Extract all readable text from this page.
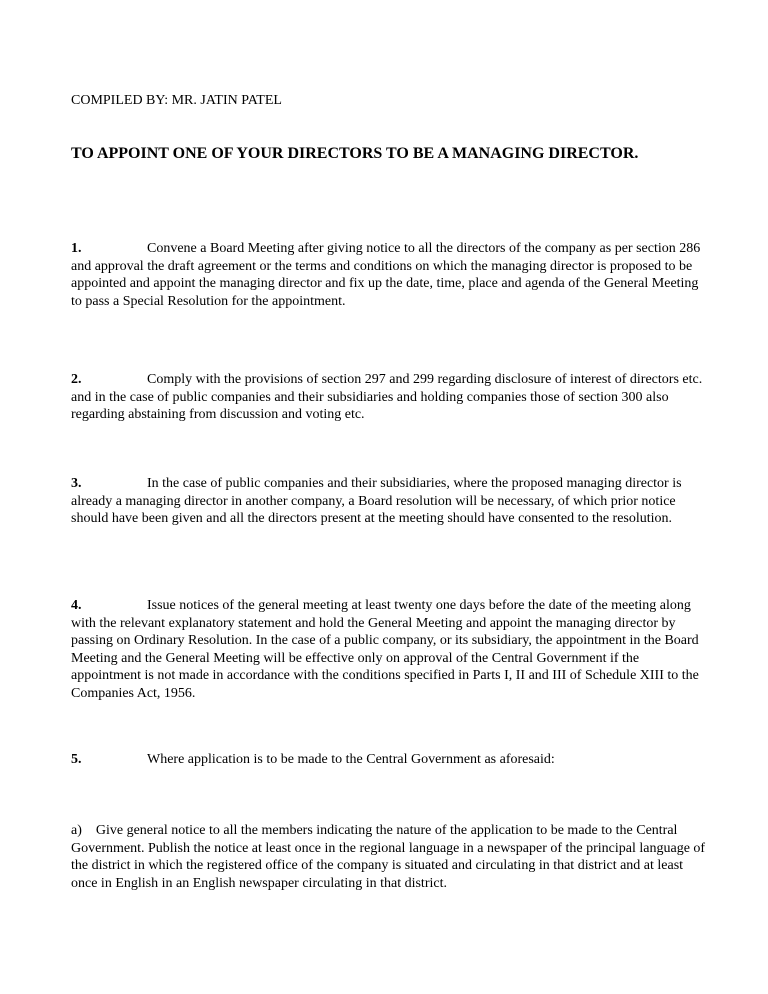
COMPILED BY: MR. JATIN PATEL
TO APPOINT ONE OF YOUR DIRECTORS TO BE A MANAGING DIRECTOR.
1.	Convene a Board Meeting after giving notice to all the directors of the company as per section 286 and approval the draft agreement or the terms and conditions on which the managing director is proposed to be appointed and appoint the managing director and fix up the date, time, place and agenda of the General Meeting to pass a Special Resolution for the appointment.
2.	Comply with the provisions of section 297 and 299 regarding disclosure of interest of directors etc. and in the case of public companies and their subsidiaries and holding companies those of section 300 also regarding abstaining from discussion and voting etc.
3.	In the case of public companies and their subsidiaries, where the proposed managing director is already a managing director in another company, a Board resolution will be necessary, of which prior notice should have been given and all the directors present at the meeting should have consented to the resolution.
4.	Issue notices of the general meeting at least twenty one days before the date of the meeting along with the relevant explanatory statement and hold the General Meeting and appoint the managing director by passing on Ordinary Resolution. In the case of a public company, or its subsidiary, the appointment in the Board Meeting and the General Meeting will be effective only on approval of the Central Government if the appointment is not made in accordance with the conditions specified in Parts I, II and III of Schedule XIII to the Companies Act, 1956.
5.	Where application is to be made to the Central Government as aforesaid:
a)    Give general notice to all the members indicating the nature of the application to be made to the Central Government. Publish the notice at least once in the regional language in a newspaper of the principal language of the district in which the registered office of the company is situated and circulating in that district and at least once in English in an English newspaper circulating in that district.
